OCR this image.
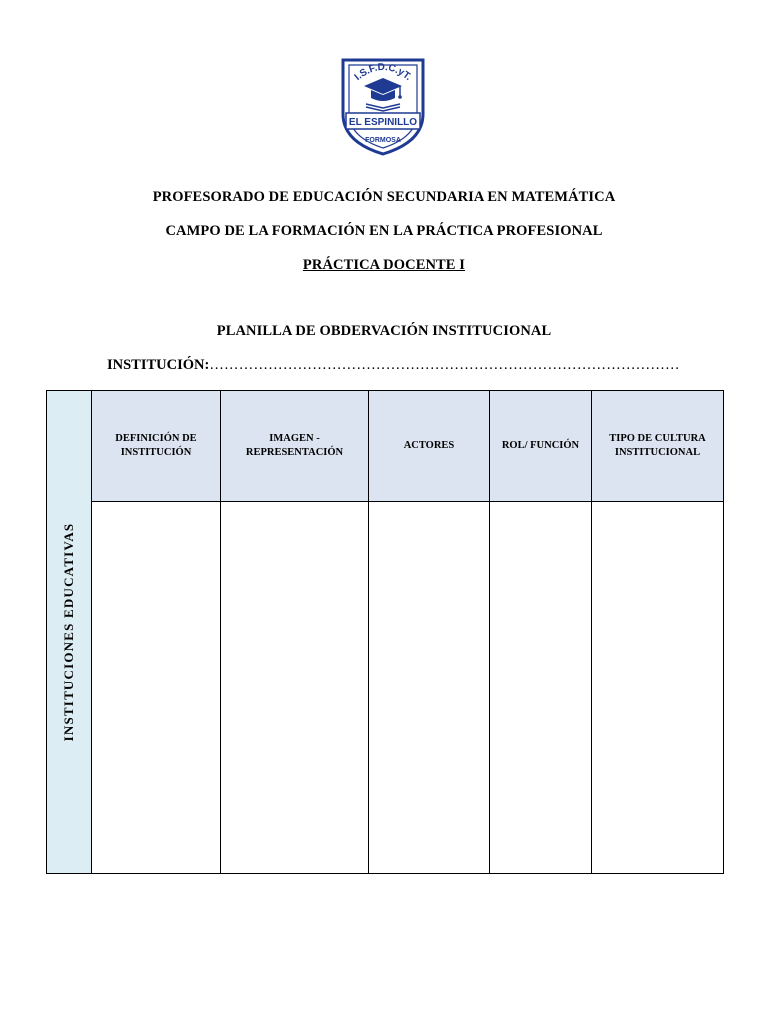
I.S.F.D.C.yT.
EL ESPINILLO
FORMOSA
PROFESORADO DE EDUCACIÓN SECUNDARIA EN MATEMÁTICA
CAMPO DE LA FORMACIÓN EN LA PRÁCTICA PROFESIONAL
PRÁCTICA DOCENTE I
PLANILLA DE OBDERVACIÓN INSTITUCIONAL
INSTITUCIÓN:……………………………………………………………………………………
INSTITUCIONES EDUCATIVAS	DEFINICIÓN DE INSTITUCIÓN	IMAGEN - REPRESENTACIÓN	ACTORES	ROL/ FUNCIÓN	TIPO DE CULTURA INSTITUCIONAL
